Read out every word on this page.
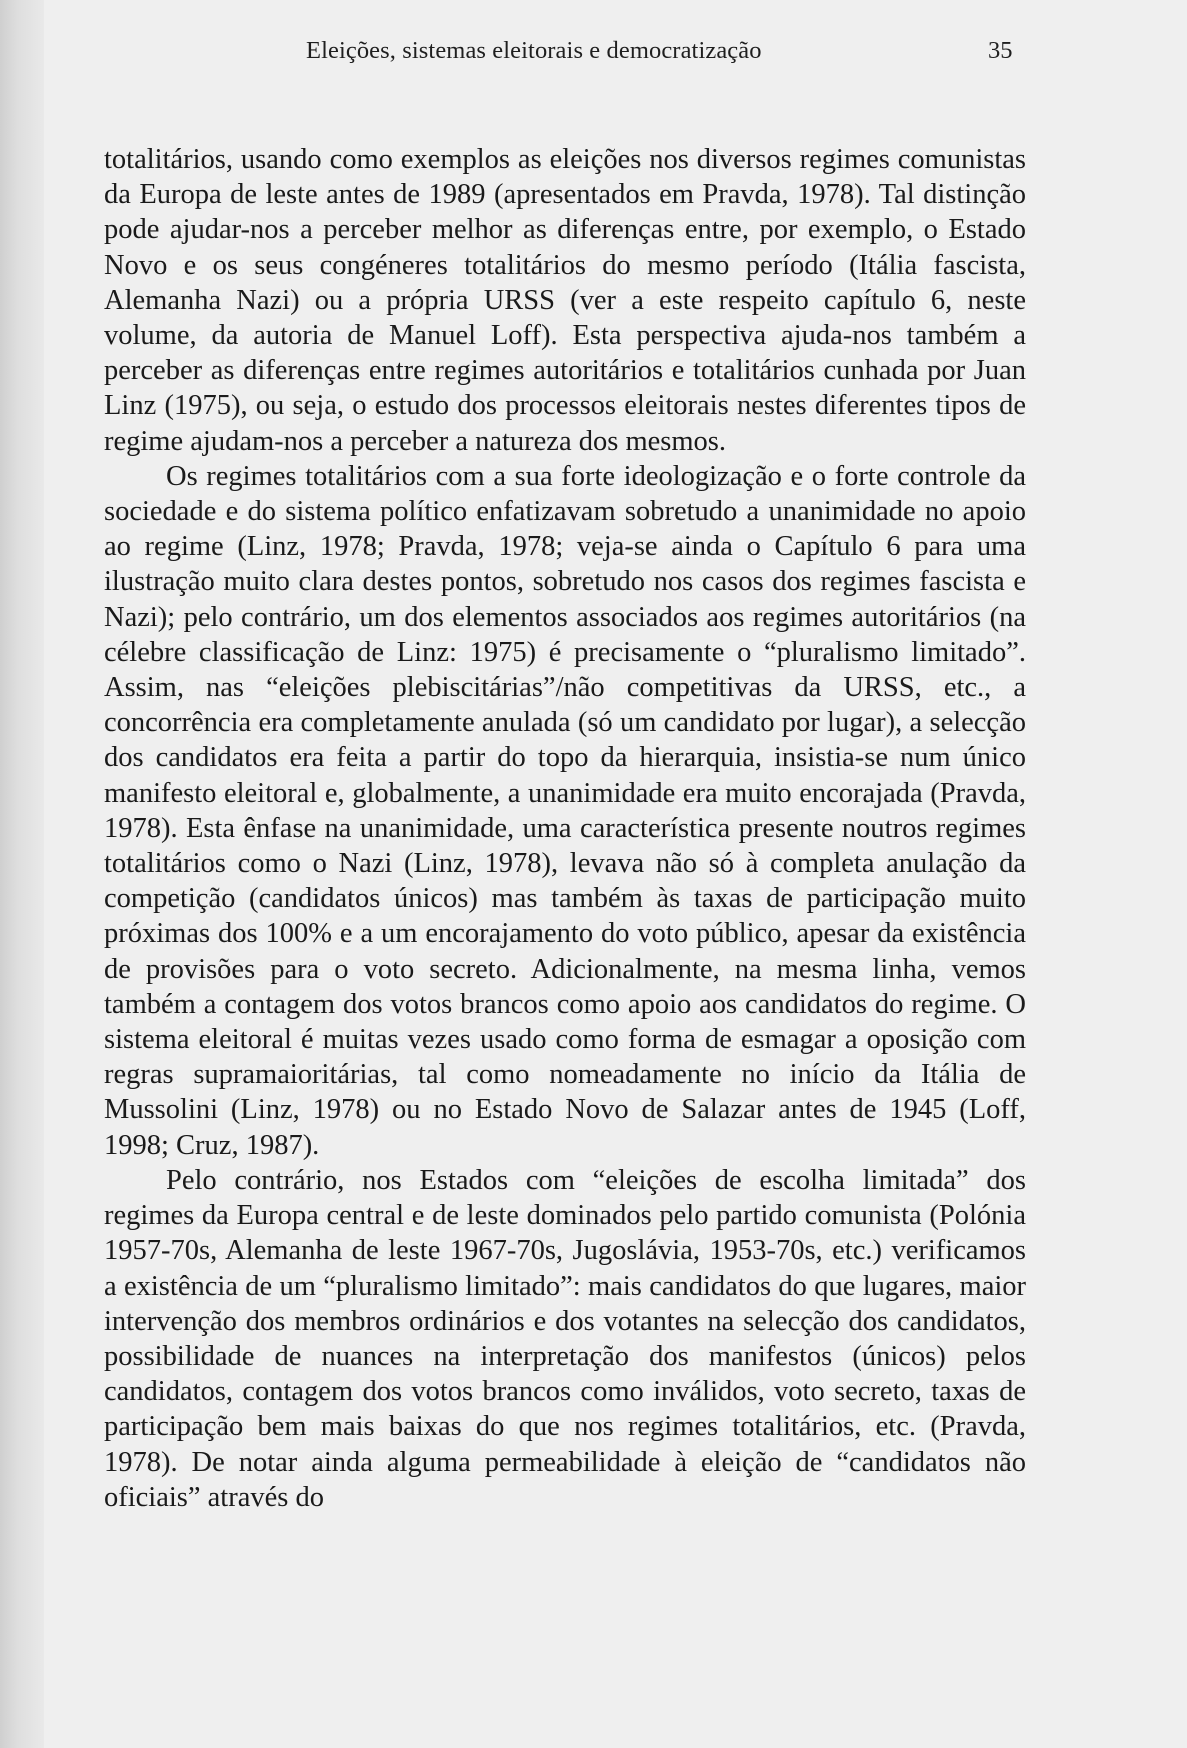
Eleições, sistemas eleitorais e democratização	35

totalitários, usando como exemplos as eleições nos diversos regimes comunistas da Europa de leste antes de 1989 (apresentados em Pravda, 1978). Tal distinção pode ajudar-nos a perceber melhor as diferenças entre, por exemplo, o Estado Novo e os seus congéneres totalitários do mesmo período (Itália fascista, Alemanha Nazi) ou a própria URSS (ver a este respeito capítulo 6, neste volume, da autoria de Manuel Loff). Esta perspectiva ajuda-nos também a perceber as diferenças entre regimes autoritários e totalitários cunhada por Juan Linz (1975), ou seja, o estudo dos processos eleitorais nestes diferentes tipos de regime ajudam-nos a perceber a natureza dos mesmos.

Os regimes totalitários com a sua forte ideologização e o forte controle da sociedade e do sistema político enfatizavam sobretudo a unanimidade no apoio ao regime (Linz, 1978; Pravda, 1978; veja-se ainda o Capítulo 6 para uma ilustração muito clara destes pontos, sobretudo nos casos dos regimes fascista e Nazi); pelo contrário, um dos elementos associados aos regimes autoritários (na célebre classificação de Linz: 1975) é precisamente o “pluralismo limitado”. Assim, nas “eleições plebiscitárias”/não competitivas da URSS, etc., a concorrência era completamente anulada (só um candidato por lugar), a selecção dos candidatos era feita a partir do topo da hierarquia, insistia-se num único manifesto eleitoral e, globalmente, a unanimidade era muito encorajada (Pravda, 1978). Esta ênfase na unanimidade, uma característica presente noutros regimes totalitários como o Nazi (Linz, 1978), levava não só à completa anulação da competição (candidatos únicos) mas também às taxas de participação muito próximas dos 100% e a um encorajamento do voto público, apesar da existência de provisões para o voto secreto. Adicionalmente, na mesma linha, vemos também a contagem dos votos brancos como apoio aos candidatos do regime. O sistema eleitoral é muitas vezes usado como forma de esmagar a oposição com regras supramaioritárias, tal como nomeadamente no início da Itália de Mussolini (Linz, 1978) ou no Estado Novo de Salazar antes de 1945 (Loff, 1998; Cruz, 1987).

Pelo contrário, nos Estados com “eleições de escolha limitada” dos regimes da Europa central e de leste dominados pelo partido comunista (Polónia 1957-70s, Alemanha de leste 1967-70s, Jugoslávia, 1953-70s, etc.) verificamos a existência de um “pluralismo limitado”: mais candidatos do que lugares, maior intervenção dos membros ordinários e dos votantes na selecção dos candidatos, possibilidade de nuances na interpretação dos manifestos (únicos) pelos candidatos, contagem dos votos brancos como inválidos, voto secreto, taxas de participação bem mais baixas do que nos regimes totalitários, etc. (Pravda, 1978). De notar ainda alguma permeabilidade à eleição de “candidatos não oficiais” através do
